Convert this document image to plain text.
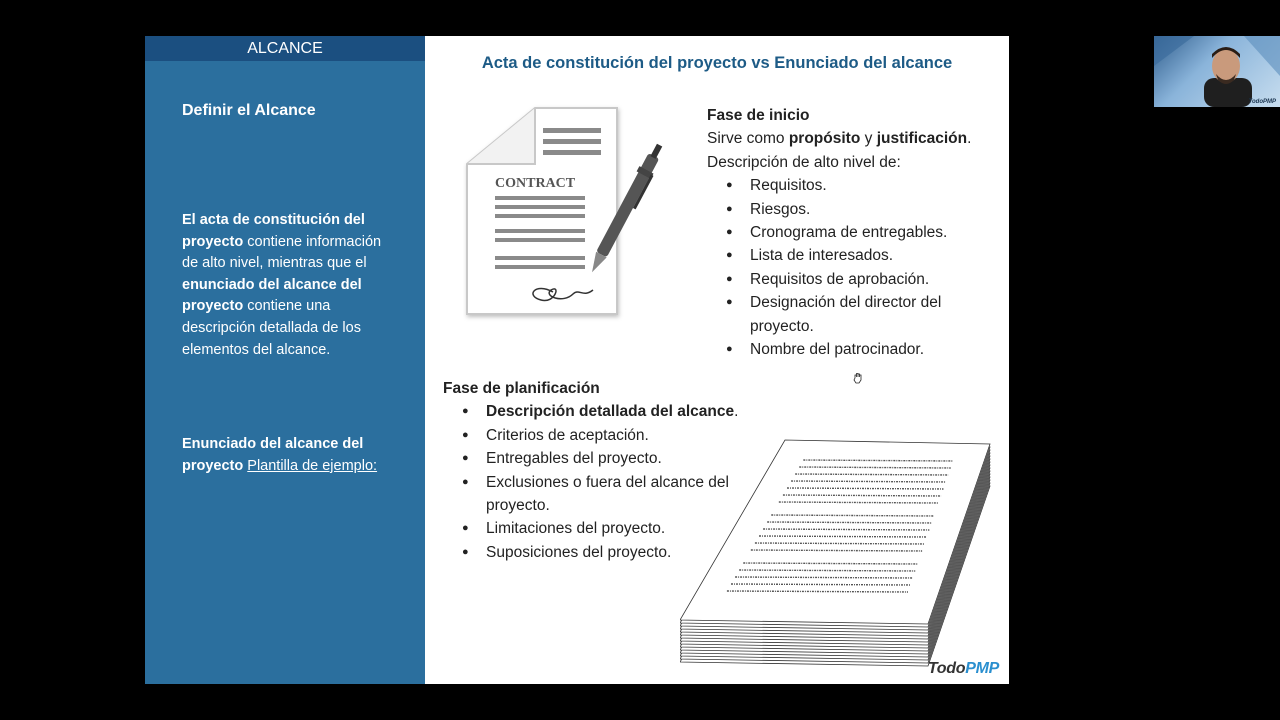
ALCANCE
Definir el Alcance
El acta de constitución del proyecto contiene información de alto nivel, mientras que el enunciado del alcance del proyecto contiene una descripción detallada de los elementos del alcance.
Enunciado del alcance del proyecto Plantilla de ejemplo:
Acta de constitución del proyecto vs Enunciado del alcance
CONTRACT
Fase de inicio
Sirve como propósito y justificación.
Descripción de alto nivel de:
● Requisitos.
● Riesgos.
● Cronograma de entregables.
● Lista de interesados.
● Requisitos de aprobación.
● Designación del director del proyecto.
● Nombre del patrocinador.
Fase de planificación
● Descripción detallada del alcance.
● Criterios de aceptación.
● Entregables del proyecto.
● Exclusiones o fuera del alcance del proyecto.
● Limitaciones del proyecto.
● Suposiciones del proyecto.
TodoPMP
TodoPMP
